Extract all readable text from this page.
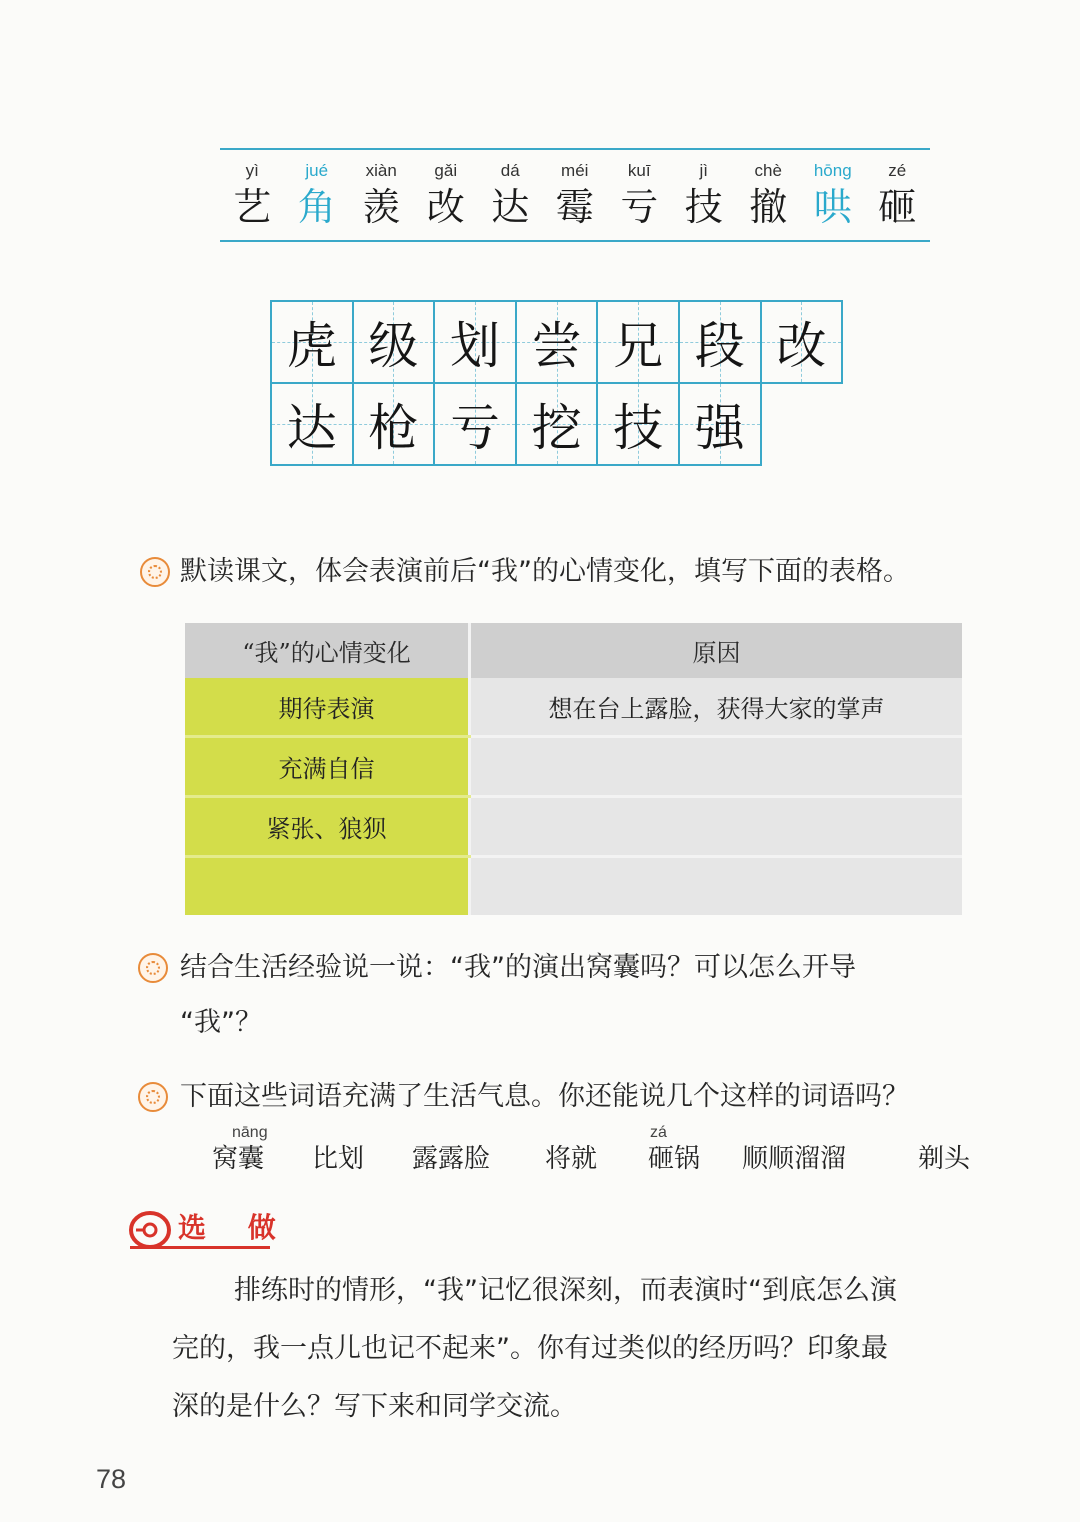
yì
艺
jué
角
xiàn
羡
gǎi
改
dá
达
méi
霉
kuī
亏
jì
技
chè
撤
hōng
哄
zé
砸
虎 级 划 尝 兄 段 改
达 枪 亏 挖 技 强
默读课文，体会表演前后“我”的心情变化，填写下面的表格。
“我”的心情变化	原因
期待表演	想在台上露脸，获得大家的掌声
充满自信	
紧张、狼狈	

结合生活经验说一说：“我”的演出窝囊吗？可以怎么开导
“我”？
下面这些词语充满了生活气息。你还能说几个这样的词语吗？
nāng	zá
窝囊 比划 露露脸 将就 砸锅 顺顺溜溜	剃头
选 做

排练时的情形，“我”记忆很深刻，而表演时“到底怎么演

完的，我一点儿也记不起来”。你有过类似的经历吗？印象最

深的是什么？写下来和同学交流。

78
